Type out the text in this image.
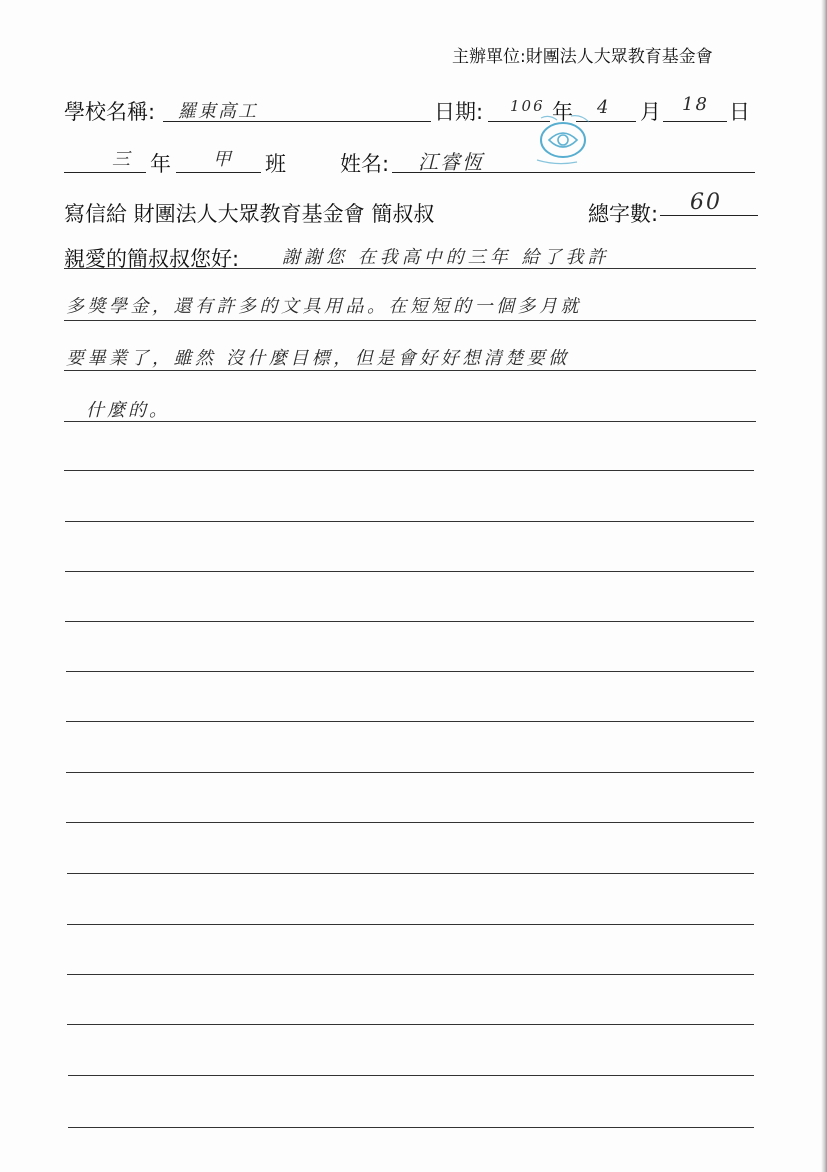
主辦單位:財團法人大眾教育基金會
學校名稱: 羅東高工	日期: 106 年 4 月 18 日
三 年 甲 班	姓名: 江睿恆
寫信給 財團法人大眾教育基金會 簡叔叔	總字數: 60
親愛的簡叔叔您好: 謝謝您 在我高中的三年 給了我許
多獎學金，還有許多的文具用品。在短短的一個多月就
要畢業了，雖然 沒什麼目標，但是會好好想清楚要做
什麼的。
